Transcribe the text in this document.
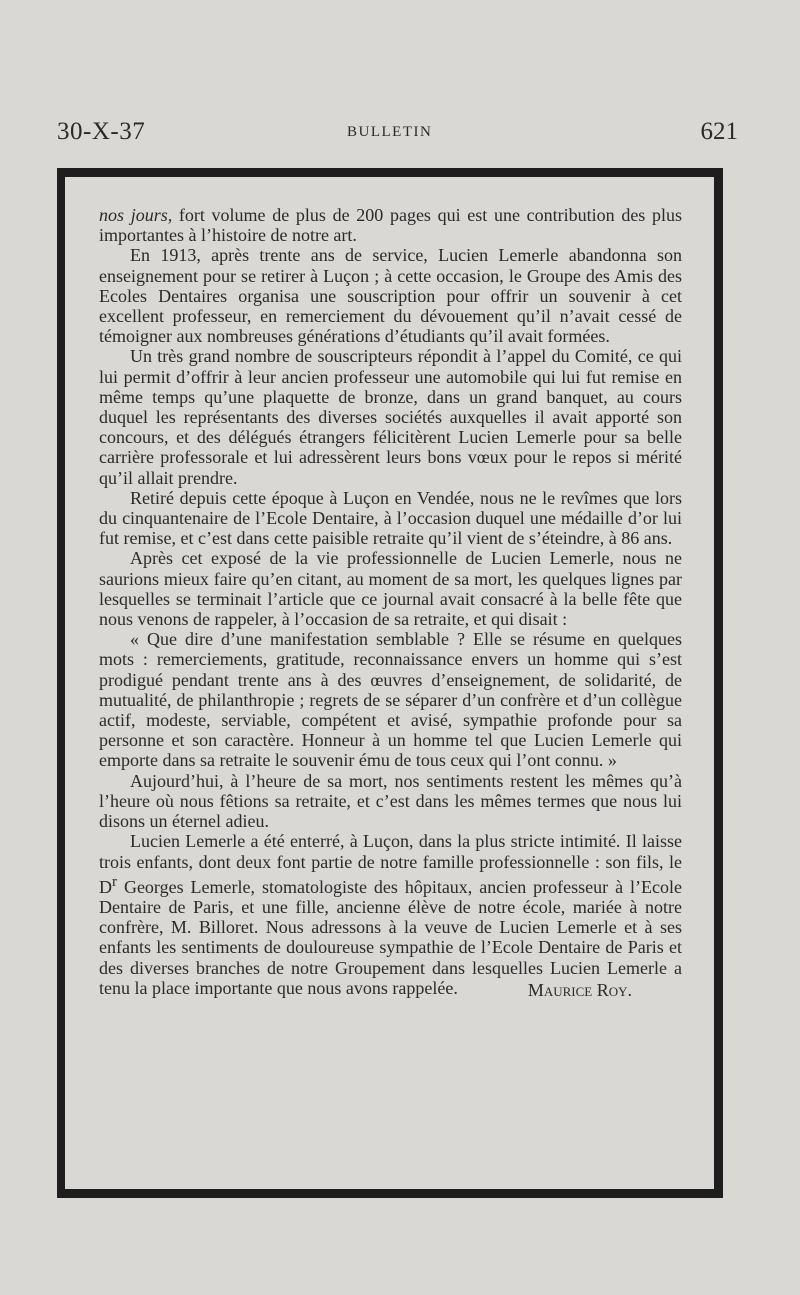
30-X-37	BULLETIN	621

nos jours, fort volume de plus de 200 pages qui est une contribution des plus importantes à l’histoire de notre art.

En 1913, après trente ans de service, Lucien Lemerle abandonna son enseignement pour se retirer à Luçon ; à cette occasion, le Groupe des Amis des Ecoles Dentaires organisa une souscription pour offrir un souvenir à cet excellent professeur, en remerciement du dévouement qu’il n’avait cessé de témoigner aux nombreuses générations d’étudiants qu’il avait formées.

Un très grand nombre de souscripteurs répondit à l’appel du Comité, ce qui lui permit d’offrir à leur ancien professeur une automobile qui lui fut remise en même temps qu’une plaquette de bronze, dans un grand banquet, au cours duquel les représentants des diverses sociétés auxquelles il avait apporté son concours, et des délégués étrangers félicitèrent Lucien Lemerle pour sa belle carrière professorale et lui adressèrent leurs bons vœux pour le repos si mérité qu’il allait prendre.

Retiré depuis cette époque à Luçon en Vendée, nous ne le revîmes que lors du cinquantenaire de l’Ecole Dentaire, à l’occasion duquel une médaille d’or lui fut remise, et c’est dans cette paisible retraite qu’il vient de s’éteindre, à 86 ans.

Après cet exposé de la vie professionnelle de Lucien Lemerle, nous ne saurions mieux faire qu’en citant, au moment de sa mort, les quelques lignes par lesquelles se terminait l’article que ce journal avait consacré à la belle fête que nous venons de rappeler, à l’occasion de sa retraite, et qui disait :

« Que dire d’une manifestation semblable ? Elle se résume en quelques mots : remerciements, gratitude, reconnaissance envers un homme qui s’est prodigué pendant trente ans à des œuvres d’enseignement, de solidarité, de mutualité, de philanthropie ; regrets de se séparer d’un confrère et d’un collègue actif, modeste, serviable, compétent et avisé, sympathie profonde pour sa personne et son caractère. Honneur à un homme tel que Lucien Lemerle qui emporte dans sa retraite le souvenir ému de tous ceux qui l’ont connu. »

Aujourd’hui, à l’heure de sa mort, nos sentiments restent les mêmes qu’à l’heure où nous fêtions sa retraite, et c’est dans les mêmes termes que nous lui disons un éternel adieu.

Lucien Lemerle a été enterré, à Luçon, dans la plus stricte intimité. Il laisse trois enfants, dont deux font partie de notre famille professionnelle : son fils, le $D^r$ Georges Lemerle, stomatologiste des hôpitaux, ancien professeur à l’Ecole Dentaire de Paris, et une fille, ancienne élève de notre école, mariée à notre confrère, M. Billoret. Nous adressons à la veuve de Lucien Lemerle et à ses enfants les sentiments de douloureuse sympathie de l’Ecole Dentaire de Paris et des diverses branches de notre Groupement dans lesquelles Lucien Lemerle a tenu la place importante que nous avons rappelée.	Maurice Roy.
